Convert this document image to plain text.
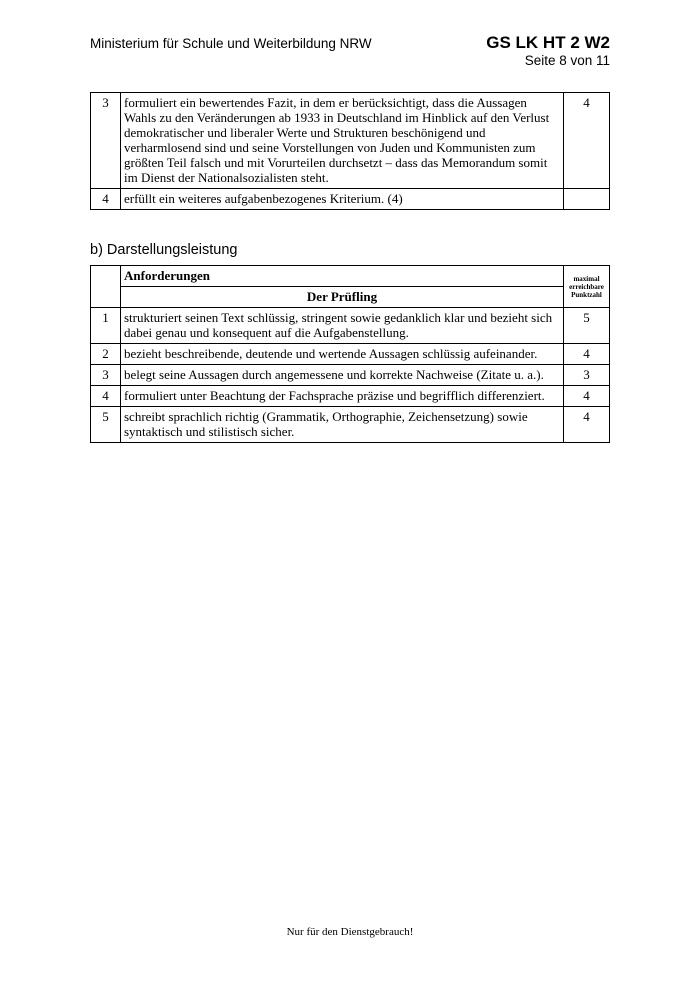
Ministerium für Schule und Weiterbildung NRW	GS LK HT 2 W2
Seite 8 von 11
3	formuliert ein bewertendes Fazit, in dem er berücksichtigt, dass die Aussagen Wahls zu den Veränderungen ab 1933 in Deutschland im Hinblick auf den Verlust demokratischer und liberaler Werte und Strukturen beschönigend und verharmlosend sind und seine Vorstellungen von Juden und Kommunisten zum größten Teil falsch und mit Vorurteilen durchsetzt – dass das Memorandum somit im Dienst der Nationalsozialisten steht.	4
4	erfüllt ein weiteres aufgabenbezogenes Kriterium. (4)	
b) Darstellungsleistung
	Anforderungen	maximal erreichbare Punktzahl
	Der Prüfling	
1	strukturiert seinen Text schlüssig, stringent sowie gedanklich klar und bezieht sich dabei genau und konsequent auf die Aufgabenstellung.	5
2	bezieht beschreibende, deutende und wertende Aussagen schlüssig aufeinander.	4
3	belegt seine Aussagen durch angemessene und korrekte Nachweise (Zitate u. a.).	3
4	formuliert unter Beachtung der Fachsprache präzise und begrifflich differenziert.	4
5	schreibt sprachlich richtig (Grammatik, Orthographie, Zeichensetzung) sowie syntaktisch und stilistisch sicher.	4
Nur für den Dienstgebrauch!
